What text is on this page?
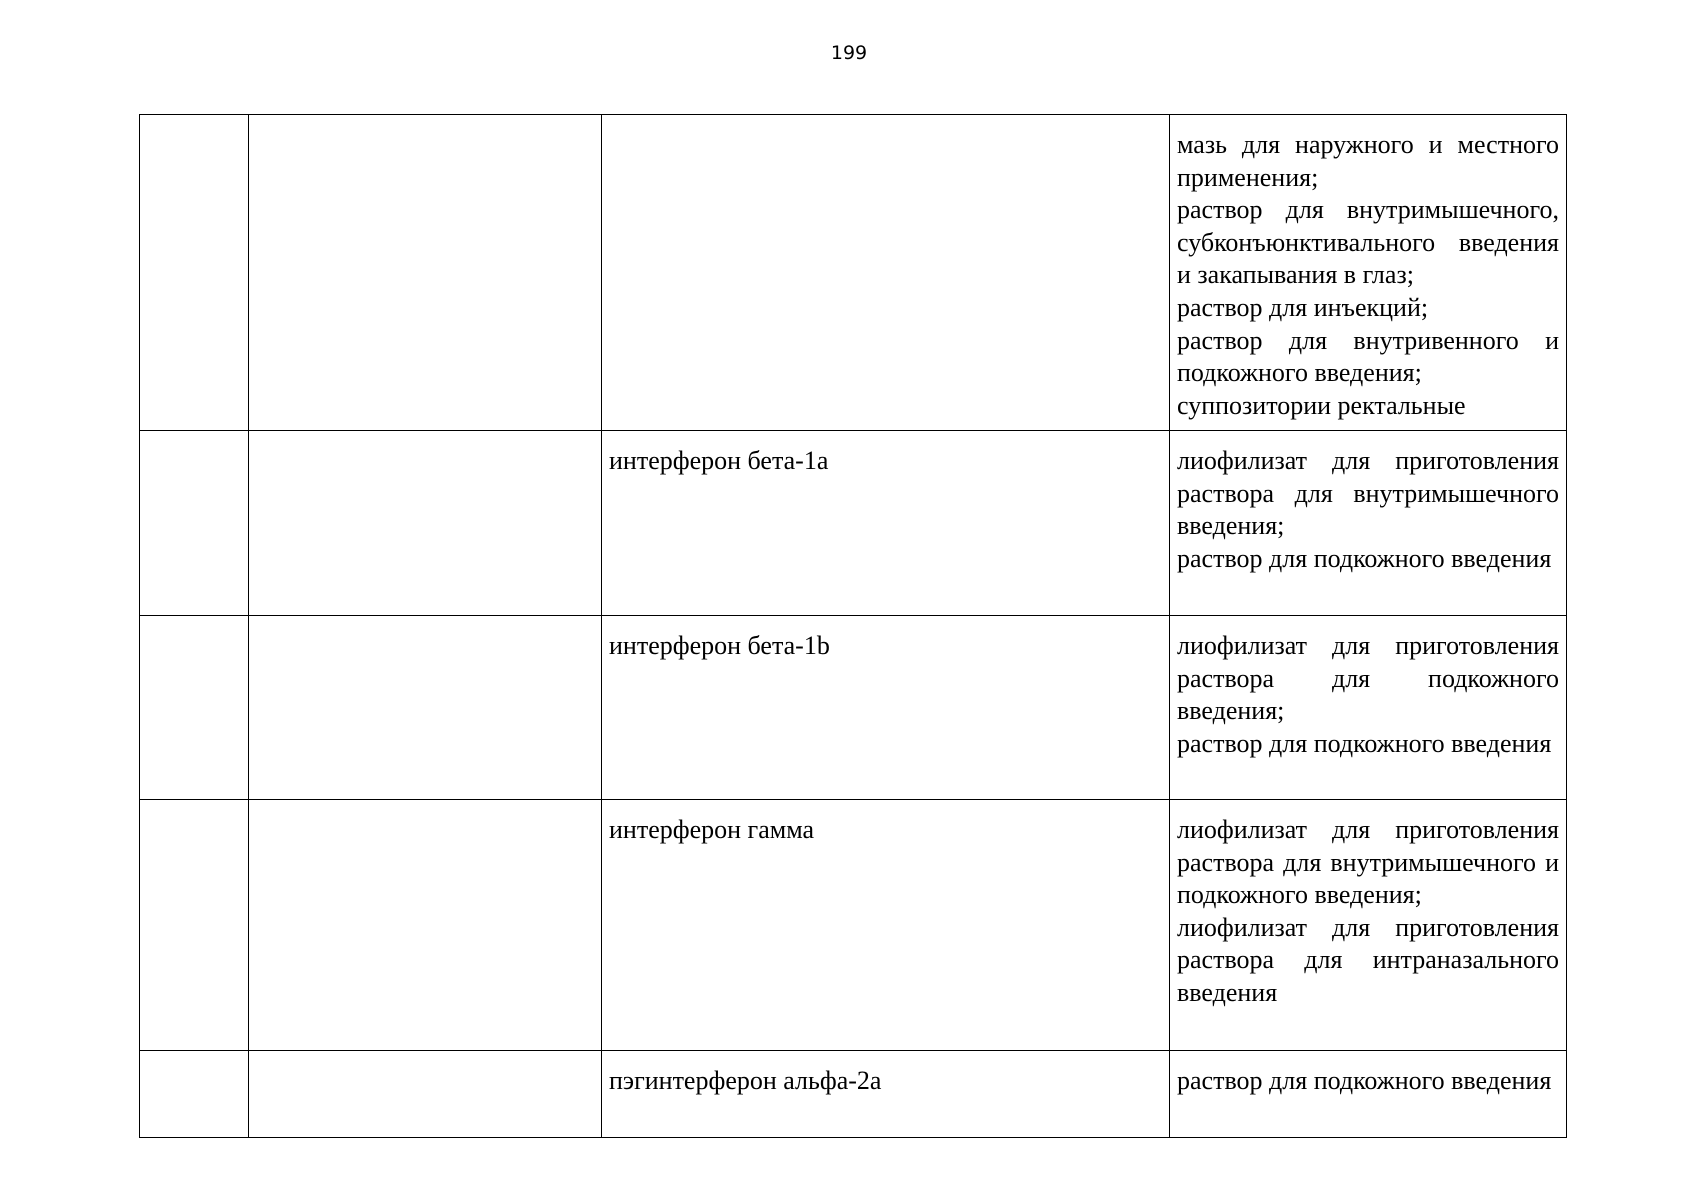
199

			мазь для наружного и местного применения;
раствор для внутримышечного, субконъюнктивального введения и закапывания в глаз;
раствор для инъекций;
раствор для внутривенного и подкожного введения;
суппозитории ректальные

		интерферон бета-1a	лиофилизат для приготовления раствора для внутримышечного введения;
раствор для подкожного введения

		интерферон бета-1b	лиофилизат для приготовления раствора для подкожного введения;
раствор для подкожного введения

		интерферон гамма	лиофилизат для приготовления раствора для внутримышечного и подкожного введения;
лиофилизат для приготовления раствора для интраназального введения

		пэгинтерферон альфа-2a	раствор для подкожного введения
